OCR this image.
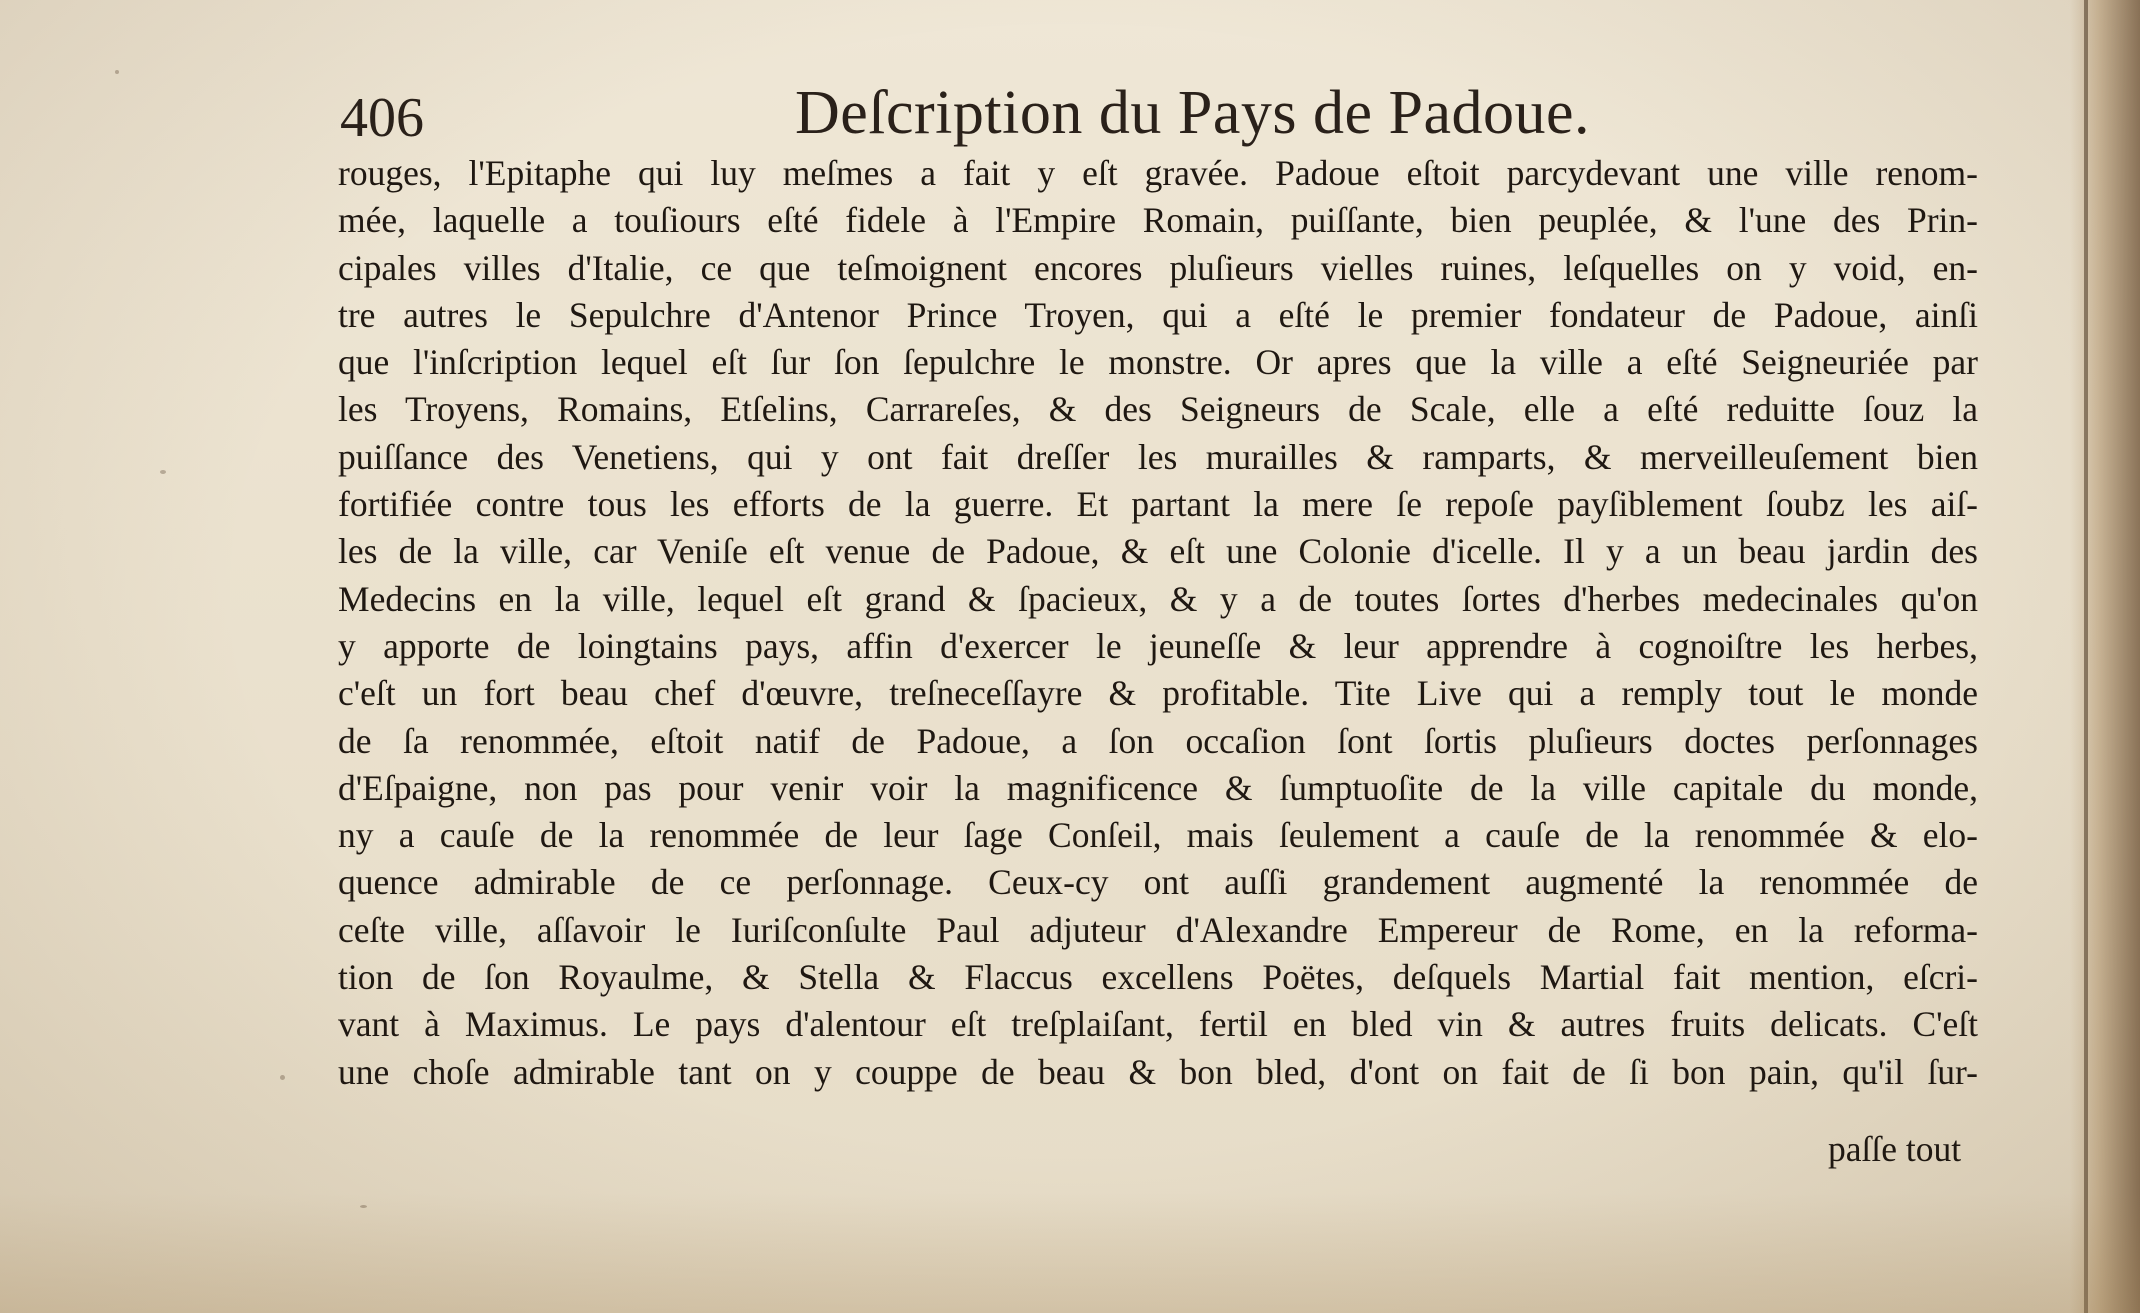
406	Deſcription du Pays de Padoue.
rouges, l'Epitaphe qui luy meſmes a fait y eſt gravée. Padoue eſtoit parcydevant une ville renom-
mée, laquelle a touſiours eſté fidele à l'Empire Romain, puiſſante, bien peuplée, & l'une des Prin-
cipales villes d'Italie, ce que teſmoignent encores pluſieurs vielles ruines, leſquelles on y void, en-
tre autres le Sepulchre d'Antenor Prince Troyen, qui a eſté le premier fondateur de Padoue, ainſi
que l'inſcription lequel eſt ſur ſon ſepulchre le monstre. Or apres que la ville a eſté Seigneuriée par
les Troyens, Romains, Etſelins, Carrareſes, & des Seigneurs de Scale, elle a eſté reduitte ſouz la
puiſſance des Venetiens, qui y ont fait dreſſer les murailles & ramparts, & merveilleuſement bien
fortifiée contre tous les efforts de la guerre. Et partant la mere ſe repoſe payſiblement ſoubz les aiſ-
les de la ville, car Veniſe eſt venue de Padoue, & eſt une Colonie d'icelle. Il y a un beau jardin des
Medecins en la ville, lequel eſt grand & ſpacieux, & y a de toutes ſortes d'herbes medecinales qu'on
y apporte de loingtains pays, affin d'exercer le jeuneſſe & leur apprendre à cognoiſtre les herbes,
c'eſt un fort beau chef d'œuvre, treſneceſſayre & profitable. Tite Live qui a remply tout le monde
de ſa renommée, eſtoit natif de Padoue, a ſon occaſion ſont ſortis pluſieurs doctes perſonnages
d'Eſpaigne, non pas pour venir voir la magnificence & ſumptuoſite de la ville capitale du monde,
ny a cauſe de la renommée de leur ſage Conſeil, mais ſeulement a cauſe de la renommée & elo-
quence admirable de ce perſonnage. Ceux-cy ont auſſi grandement augmenté la renommée de
ceſte ville, aſſavoir le Iuriſconſulte Paul adjuteur d'Alexandre Empereur de Rome, en la reforma-
tion de ſon Royaulme, & Stella & Flaccus excellens Poëtes, deſquels Martial fait mention, eſcri-
vant à Maximus. Le pays d'alentour eſt treſplaiſant, fertil en bled vin & autres fruits delicats. C'eſt
une choſe admirable tant on y couppe de beau & bon bled, d'ont on fait de ſi bon pain, qu'il ſur-
paſſe tout
